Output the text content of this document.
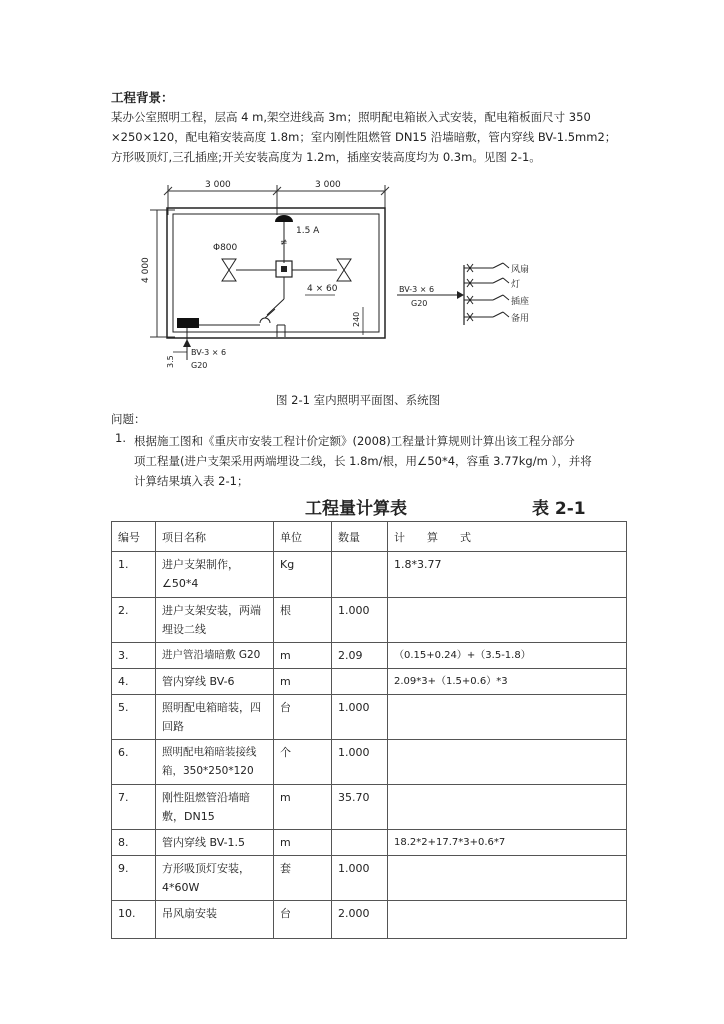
工程背景：
某办公室照明工程，层高 4 m,架空进线高 3m；照明配电箱嵌入式安装，配电箱板面尺寸 350
×250×120，配电箱安装高度 1.8m；室内刚性阻燃管 DN15 沿墙暗敷，管内穿线 BV-1.5mm2；
方形吸顶灯,三孔插座;开关安装高度为 1.2m，插座安装高度均为 0.3m。见图 2-1。
3 000	3 000
4 000
1.5 A
≠
Φ800
4 × 60
240
3.5
BV-3 × 6
G20
BV-3 × 6
G20
风扇
灯
插座
备用
图 2-1 室内照明平面图、系统图
问题：
1. 根据施工图和《重庆市安装工程计价定额》(2008)工程量计算规则计算出该工程分部分
项工程量(进户支架采用两端埋设二线，长 1.8m/根，用∠50*4，容重 3.77kg/m ），并将
计算结果填入表 2-1；
工程量计算表	表 2-1
编号	项目名称	单位	数量	计　　算　　式
1.	进户支架制作，∠50*4	Kg		1.8*3.77
2.	进户支架安装，两端埋设二线	根	1.000	
3.	进户管沿墙暗敷 G20	m	2.09	（0.15+0.24）+（3.5-1.8）
4.	管内穿线 BV-6	m		2.09*3+（1.5+0.6）*3
5.	照明配电箱暗装，四回路	台	1.000	
6.	照明配电箱暗装接线箱，350*250*120	个	1.000	
7.	刚性阻燃管沿墙暗敷，DN15	m	35.70	
8.	管内穿线 BV-1.5	m		18.2*2+17.7*3+0.6*7
9.	方形吸顶灯安装，4*60W	套	1.000	
10.	吊风扇安装	台	2.000	
